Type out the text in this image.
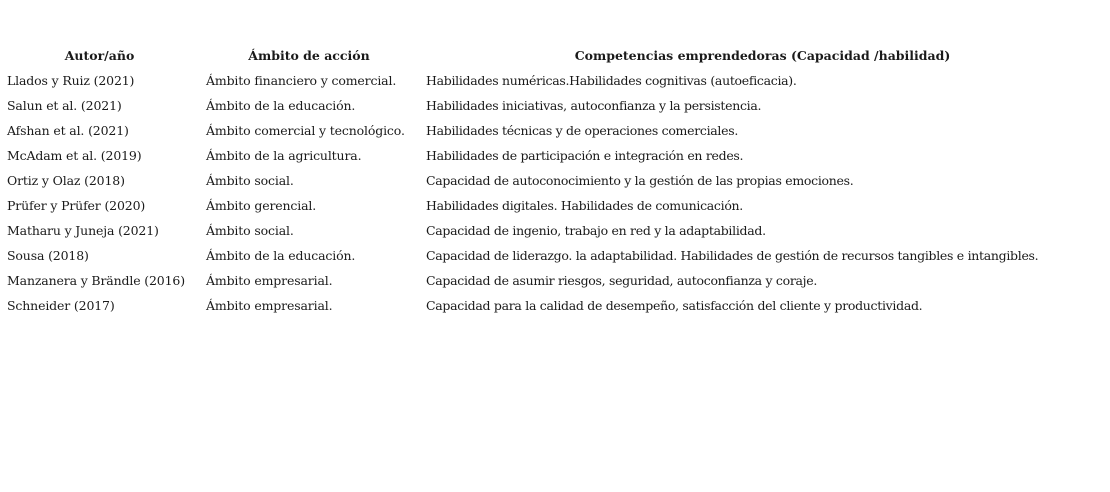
Autor/año	Ámbito de acción	Competencias emprendedoras (Capacidad /habilidad)
Llados y Ruiz (2021)	Ámbito financiero y comercial.	Habilidades numéricas.Habilidades cognitivas (autoeficacia).
Salun et al. (2021)	Ámbito de la educación.	Habilidades iniciativas, autoconfianza y la persistencia.
Afshan et al. (2021)	Ámbito comercial y tecnológico.	Habilidades técnicas y de operaciones comerciales.
McAdam et al. (2019)	Ámbito de la agricultura.	Habilidades de participación e integración en redes.
Ortiz y Olaz (2018)	Ámbito social.	Capacidad de autoconocimiento y la gestión de las propias emociones.
Prüfer y Prüfer (2020)	Ámbito gerencial.	Habilidades digitales. Habilidades de comunicación.
Matharu y Juneja (2021)	Ámbito social.	Capacidad de ingenio, trabajo en red y la adaptabilidad.
Sousa (2018)	Ámbito de la educación.	Capacidad de liderazgo. la adaptabilidad. Habilidades de gestión de recursos tangibles e intangibles.
Manzanera y Brändle (2016)	Ámbito empresarial.	Capacidad de asumir riesgos, seguridad, autoconfianza y coraje.
Schneider (2017)	Ámbito empresarial.	Capacidad para la calidad de desempeño, satisfacción del cliente y productividad.
